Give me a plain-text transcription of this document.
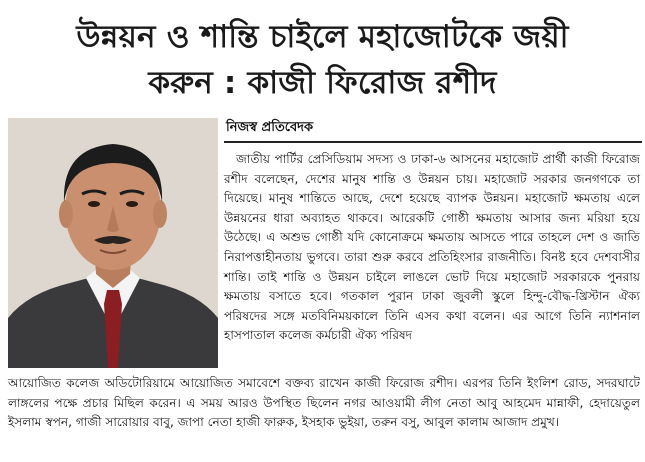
উন্নয়ন ও শান্তি চাইলে মহাজোটকে জয়ী
করুন : কাজী ফিরোজ রশীদ
নিজস্ব প্রতিবেদক

জাতীয় পার্টির প্রেসিডিয়াম সদস্য ও ঢাকা-৬ আসনের মহাজোট প্রার্থী কাজী ফিরোজ রশীদ বলেছেন, দেশের মানুষ শান্তি ও উন্নয়ন চায়। মহাজোট সরকার জনগণকে তা দিয়েছে। মানুষ শান্তিতে আছে, দেশে হয়েছে ব্যাপক উন্নয়ন। মহাজোট ক্ষমতায় এলে উন্নয়নের ধারা অব্যাহত থাকবে। আরেকটি গোষ্ঠী ক্ষমতায় আসার জন্য মরিয়া হয়ে উঠেছে। এ অশুভ গোষ্ঠী যদি কোনোক্রমে ক্ষমতায় আসতে পারে তাহলে দেশ ও জাতি নিরাপত্তাহীনতায় ভুগবে। তারা শুরু করবে প্রতিহিংসার রাজনীতি। বিনষ্ট হবে দেশবাসীর শান্তি। তাই শান্তি ও উন্নয়ন চাইলে লাঙলে ভোট দিয়ে মহাজোট সরকারকে পুনরায় ক্ষমতায় বসাতে হবে। গতকাল পুরান ঢাকা জুবলী স্কুলে হিন্দু-বৌদ্ধ-খ্রিস্টান ঐক্য পরিষদের সঙ্গে মতবিনিময়কালে তিনি এসব কথা বলেন। এর আগে তিনি ন্যাশনাল হাসপাতাল কলেজ কর্মচারী ঐক্য পরিষদ

আয়োজিত কলেজ অডিটোরিয়ামে আয়োজিত সমাবেশে বক্তব্য রাখেন কাজী ফিরোজ রশীদ। এরপর তিনি ইংলিশ রোড, সদরঘাটে লাঙ্গলের পক্ষে প্রচার মিছিল করেন। এ সময় আরও উপস্থিত ছিলেন নগর আওয়ামী লীগ নেতা আবু আহমেদ মান্নাফী, হেদায়েতুল ইসলাম স্বপন, গাজী সারোয়ার বাবু, জাপা নেতা হাজী ফারুক, ইসহাক ভুইয়া, তরুন বসু, আবুল কালাম আজাদ প্রমুখ।
